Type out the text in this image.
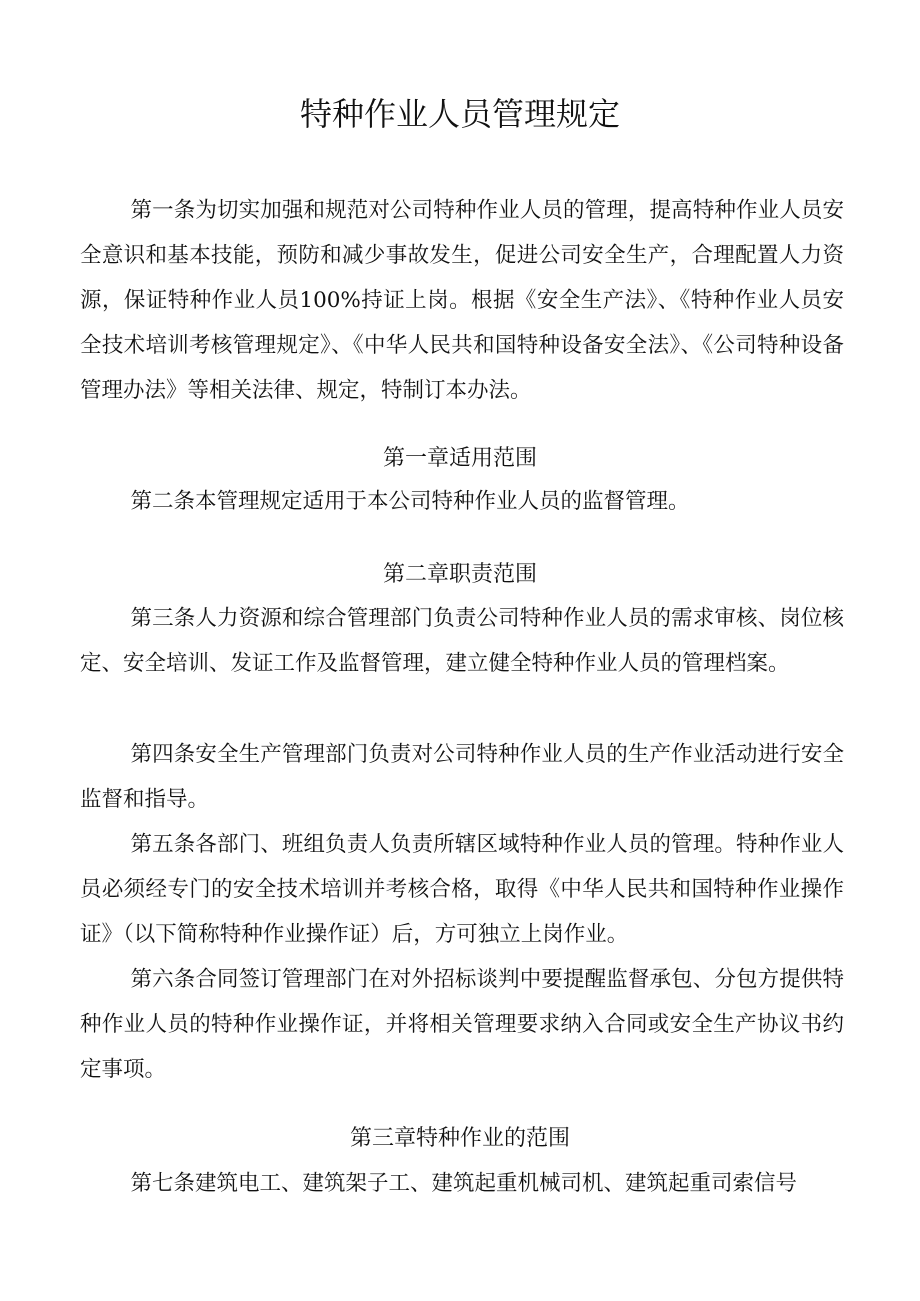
特种作业人员管理规定

第一条为切实加强和规范对公司特种作业人员的管理，提高特种作业人员安全意识和基本技能，预防和减少事故发生，促进公司安全生产，合理配置人力资源，保证特种作业人员100%持证上岗。根据《安全生产法》、《特种作业人员安全技术培训考核管理规定》、《中华人民共和国特种设备安全法》、《公司特种设备管理办法》等相关法律、规定，特制订本办法。

第一章适用范围

第二条本管理规定适用于本公司特种作业人员的监督管理。

第二章职责范围

第三条人力资源和综合管理部门负责公司特种作业人员的需求审核、岗位核定、安全培训、发证工作及监督管理，建立健全特种作业人员的管理档案。

第四条安全生产管理部门负责对公司特种作业人员的生产作业活动进行安全监督和指导。

第五条各部门、班组负责人负责所辖区域特种作业人员的管理。特种作业人员必须经专门的安全技术培训并考核合格，取得《中华人民共和国特种作业操作证》（以下简称特种作业操作证）后，方可独立上岗作业。

第六条合同签订管理部门在对外招标谈判中要提醒监督承包、分包方提供特种作业人员的特种作业操作证，并将相关管理要求纳入合同或安全生产协议书约定事项。

第三章特种作业的范围

第七条建筑电工、建筑架子工、建筑起重机械司机、建筑起重司索信号
